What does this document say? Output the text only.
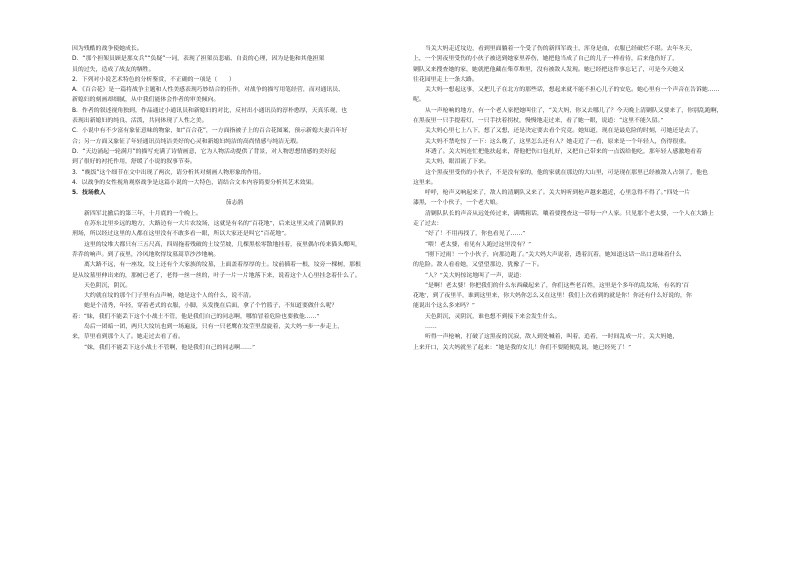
因为残酷的战争使她成长。

D．“那个担架员顾是那女兵”“负疑”一词，表现了担架员悲痛、自责的心理，因为是他和其他担架

员的过失，造成了战友的牺牲。

2．下列对小说艺术特色的分析鉴赏，不正确的一项是（　　）

A．《百合花》是一篇将战争主题和人性美感表现巧妙结合的佳作，对战争的描写用笔经营，而对通讯员、

新媳妇的刻画却细腻，从中我们能体会作者的审美倾向。

B．作者的叙述视角独到，作品通过小通讯员和新媳妇的对比，反衬出小通讯员的淳朴憨厚，天真乐观，也

表现出新媳妇的纯良、活泼，共同体现了人性之美。

C．小说中有不少富有象征意味的物象，如“百合花”，一方面指被子上的百合花图案，预示新媳夫妻百年好

合；另一方面又象征了年轻通讯员纯洁美好的心灵和新媳妇纯洁的高尚情感与纯洁无瑕。

D．“天边涌起一轮满月”的描写充满了诗情画意，它为人物活动提供了背景，对人物思想情感的美好起

到了很好的衬托作用，舒缓了小说的叙事节奏。

3．“晚饭”这个细节在文中出现了两次，请分析其对刻画人物形象的作用。

4．以战争的女性视角观察战争是这篇小说的一大特色，请结合文本内容简要分析其艺术效果。

5．技场救人

茄志鹃

新四军北撤后的第三年，十月底的一个晚上。

在苏东北里乡远的地方，大路边有一大片农坟场，这就是有名的“百花地”，后来这里又成了清剿队的

刑场，所以经过这里的人都在这里没有不敢多看一眼，所以大家还是叫它“百花地”。

这里的坟堆大都只有三五尺高，四周拖着残破的土坟茔坡，几棵黑松零散地挂着，夜里偶尔传来猫头鹰叫，

乔乔的响声。到了夜里，冷风地吹得坟墓蒿草沙沙地响。

离大路不远，有一座坟，坟上还有个大家族的坟墓，上面盖着厚厚的土。坟前插着一根，坟旁一棵树，那根

是从坟墓里伸出来的，那树已老了，老得一丝一丝的，叶子一片一片地落下来，说着这个人心里挂念着什么了。

天色阴沉，阴沉。

大约就在坟的那个门子里有点声响，她是这个人的什么，说不清。

她是个清秀，年轻，穿着老式的衣服，小脚，头发挽在后面，拿了个竹篮子，不知道要做什么呢？

着：“妹，我们不能丢下这个小战士不管，他是我们自己的同志啊，哪怕冒着危险也要救他……”

岛后一团暗一团，两只大坟坑也到一场遍及，只有一只老鹰在坟茔里盘旋着，关大妈一步一步走上，

来，草里看到那个人了。她走过去看了看。

“妹，我们不能丢下这小战士不管啊，他是我们自己的同志啊……”

当关大妈走近坟边，看到里面躺着一个受了伤的新四军战士，浑身是血，衣服已经破烂不堪。去年冬天，

上，一个黑夜里受伤的小伙子被送到她家里养伤，她把他当成了自己的儿子一样看待，后来他伤好了，

剿队又来搜查她的家，她就把他藏在柴草堆里，没有被敌人发现。她已经把这件事忘记了，可是今天她又

往花园里走上一条大路。

关大妈一想起这事，又把儿子在北方的那些话，想起来就不能不担心儿子的安危。她心里有一个声音在告诉她……

呢。

从一声枪响的地方，有一个老人家把她叫住了，“关大妈，你又去哪儿了？今天晚上清剿队又要来了，你别乱跑啊，

在黑夜里一只手提着灯，一只手扶着拐杖，慢慢地走过来，看了她一眼，说道：“这里不能久留。”

关大妈心里七上八下，想了又想，还是决定要去看个究竟。她知道，现在是最危险的时刻，可她还是去了。

关大妈不禁吃惊了一下：这么晚了，这里怎么还有人？她走近了一看，原来是一个年轻人，伤得很重。

坏透了。关大妈连忙把他扶起来，帮他把伤口包扎好，又把自己带来的一点饭给他吃，那年轻人感激地看着

关大妈，眼泪流了下来。

这个黑夜里受伤的小伙子，不是没有家的，他的家就在那边的大山里，可是现在那里已经被敌人占领了，他也

这里来。

呼呼，枪声又响起来了，敌人的清剿队又来了。关大妈听到枪声越来越近，心里急得不得了。”四处一片

漆黑，一个小伙子，一个老大娘。

清剿队队长的声音从远处传过来，满嘴粗话，嚷着要搜查这一带每一户人家。只见那个老太婆，一个人在大路上

走了过去：

“好了！不用再找了，你也看见了……”

“喂！老太婆，看见有人跑过这里没有？”

“刚下过雨！一个小伙子，向那边跑了。”关大妈大声说着，透着沉着，她知道这话一出口意味着什么

的危险。敌人看看她，又望望那边，犹豫了一下。

“人？”关大妈惊诧地叫了一声，说道：

“是啊！老太婆！你把我们的什么东西藏起来了，你们这些老百姓，这里是个多年的乱坟场，有名的‘百

花地’，到了夜里半，谁到这里来，你大妈你怎么又在这里！我们上次看到的就是你！你还有什么好说的，你

能说出个这么多来吗？”

天色阴沉，灵阴沉，谁也想不到接下来会发生什么。

……

听得一声枪响，打破了这黑夜的沉寂，敌人到处喊着，叫着，追着，一时间乱成一片，关大妈她，

上来开口，关大妈就坐了起来：“她是我的女儿！你们不要随便乱说，她已经死了！”
